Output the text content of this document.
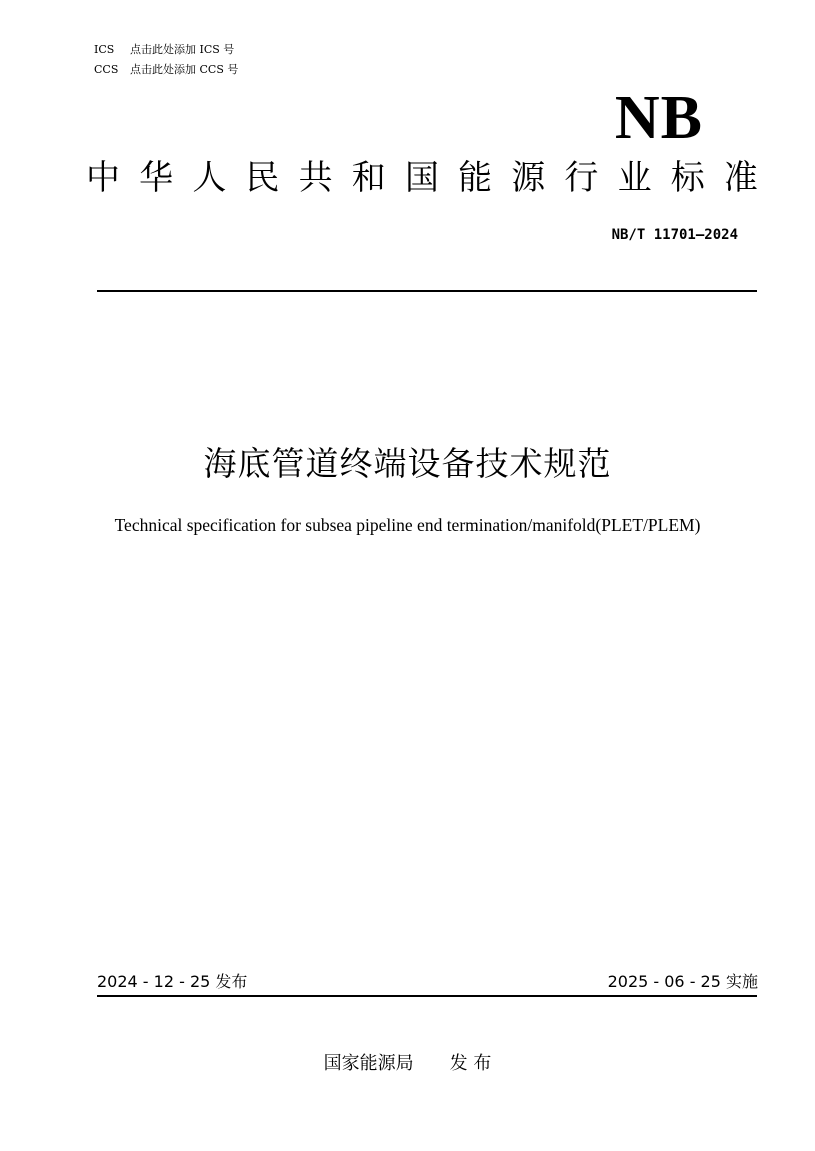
ICS 点击此处添加 ICS 号
CCS 点击此处添加 CCS 号
NB
中 华 人 民 共 和 国 能 源 行 业 标 准
NB/T 11701—2024
海底管道终端设备技术规范
Technical specification for subsea pipeline end termination/manifold(PLET/PLEM)
2024 - 12 - 25 发布	2025 - 06 - 25 实施
国家能源局 发 布
